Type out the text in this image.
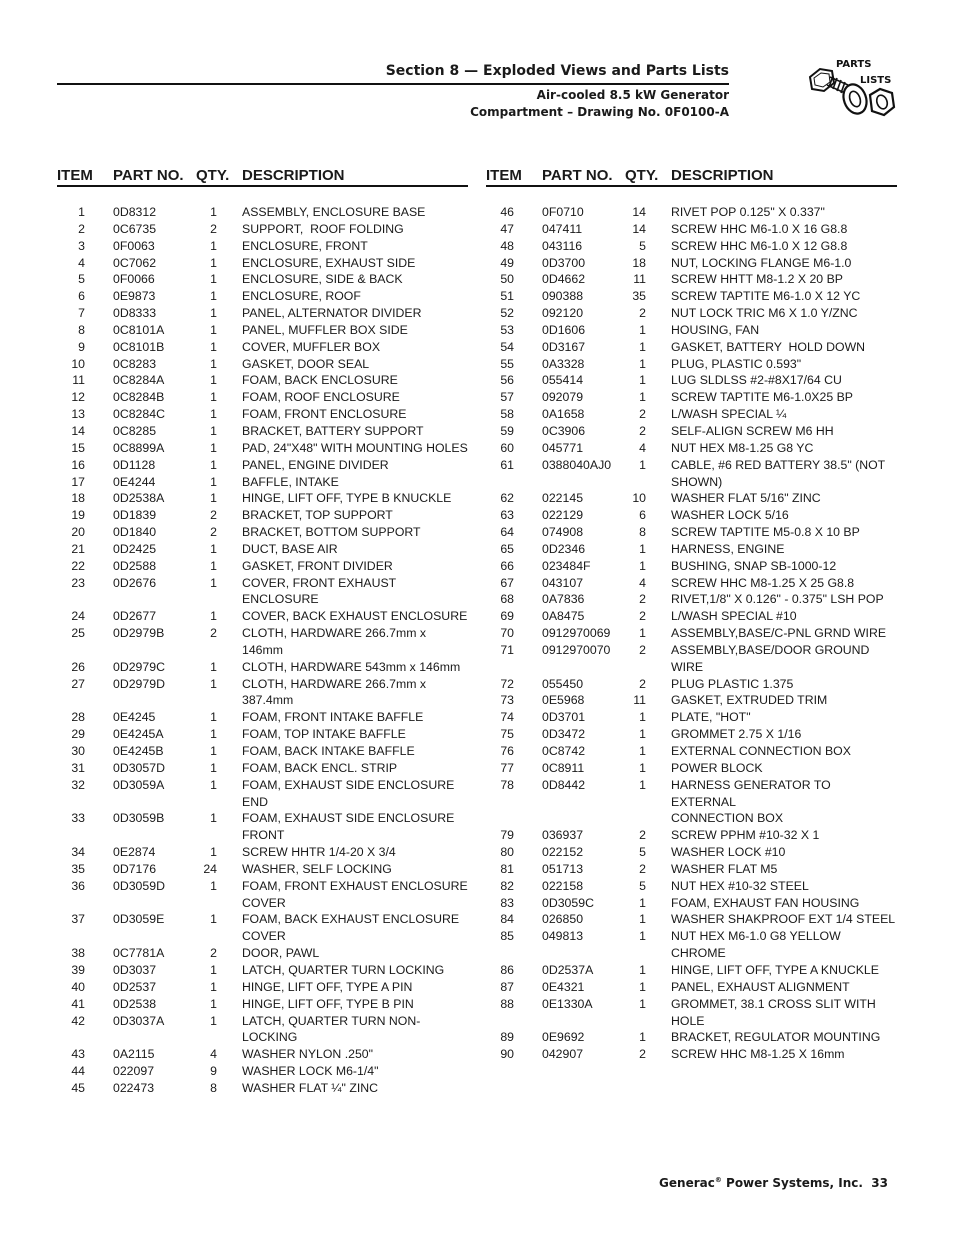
Section 8 — Exploded Views and Parts Lists
Air-cooled 8.5 kW Generator
Compartment – Drawing No. 0F0100-A
PARTS
LISTS
ITEM PART NO. QTY. DESCRIPTION
1 0D8312	1 ASSEMBLY, ENCLOSURE BASE
2 0C6735	2 SUPPORT,  ROOF FOLDING
3 0F0063	1 ENCLOSURE, FRONT
4 0C7062	1 ENCLOSURE, EXHAUST SIDE
5 0F0066	1 ENCLOSURE, SIDE & BACK
6 0E9873	1 ENCLOSURE, ROOF
7 0D8333	1 PANEL, ALTERNATOR DIVIDER
8 0C8101A	1 PANEL, MUFFLER BOX SIDE
9 0C8101B	1 COVER, MUFFLER BOX
10 0C8283	1 GASKET, DOOR SEAL
11 0C8284A	1 FOAM, BACK ENCLOSURE
12 0C8284B	1 FOAM, ROOF ENCLOSURE
13 0C8284C	1 FOAM, FRONT ENCLOSURE
14 0C8285	1 BRACKET, BATTERY SUPPORT
15 0C8899A	1 PAD, 24"X48" WITH MOUNTING HOLES
16 0D1128	1 PANEL, ENGINE DIVIDER
17 0E4244	1 BAFFLE, INTAKE
18 0D2538A	1 HINGE, LIFT OFF, TYPE B KNUCKLE
19 0D1839	2 BRACKET, TOP SUPPORT
20 0D1840	2 BRACKET, BOTTOM SUPPORT
21 0D2425	1 DUCT, BASE AIR
22 0D2588	1 GASKET, FRONT DIVIDER
23 0D2676	1 COVER, FRONT EXHAUST ENCLOSURE
24 0D2677	1 COVER, BACK EXHAUST ENCLOSURE
25 0D2979B	2 CLOTH, HARDWARE 266.7mm x 146mm
26 0D2979C	1 CLOTH, HARDWARE 543mm x 146mm
27 0D2979D	1 CLOTH, HARDWARE 266.7mm x 387.4mm
28 0E4245	1 FOAM, FRONT INTAKE BAFFLE
29 0E4245A	1 FOAM, TOP INTAKE BAFFLE
30 0E4245B	1 FOAM, BACK INTAKE BAFFLE
31 0D3057D	1 FOAM, BACK ENCL. STRIP
32 0D3059A	1 FOAM, EXHAUST SIDE ENCLOSURE
END
33 0D3059B	1 FOAM, EXHAUST SIDE ENCLOSURE
FRONT
34 0E2874	1 SCREW HHTR 1/4-20 X 3/4
35 0D7176	24 WASHER, SELF LOCKING
36 0D3059D	1 FOAM, FRONT EXHAUST ENCLOSURE
COVER
37 0D3059E	1 FOAM, BACK EXHAUST ENCLOSURE
COVER
38 0C7781A	2 DOOR, PAWL
39 0D3037	1 LATCH, QUARTER TURN LOCKING
40 0D2537	1 HINGE, LIFT OFF, TYPE A PIN
41 0D2538	1 HINGE, LIFT OFF, TYPE B PIN
42 0D3037A	1 LATCH, QUARTER TURN NON-LOCKING
43 0A2115	4 WASHER NYLON .250"
44 022097	9 WASHER LOCK M6-1/4"
45 022473	8 WASHER FLAT ¼" ZINC
ITEM PART NO. QTY. DESCRIPTION
46 0F0710	14 RIVET POP 0.125" X 0.337"
47 047411	14 SCREW HHC M6-1.0 X 16 G8.8
48 043116	5 SCREW HHC M6-1.0 X 12 G8.8
49 0D3700	18 NUT, LOCKING FLANGE M6-1.0
50 0D4662	11 SCREW HHTT M8-1.2 X 20 BP
51 090388	35 SCREW TAPTITE M6-1.0 X 12 YC
52 092120	2 NUT LOCK TRIC M6 X 1.0 Y/ZNC
53 0D1606	1 HOUSING, FAN
54 0D3167	1 GASKET, BATTERY  HOLD DOWN
55 0A3328	1 PLUG, PLASTIC 0.593"
56 055414	1 LUG SLDLSS #2-#8X17/64 CU
57 092079	1 SCREW TAPTITE M6-1.0X25 BP
58 0A1658	2 L/WASH SPECIAL ¼
59 0C3906	2 SELF-ALIGN SCREW M6 HH
60 045771	4 NUT HEX M8-1.25 G8 YC
61 0388040AJ0	1 CABLE, #6 RED BATTERY 38.5" (NOT
SHOWN)
62 022145	10 WASHER FLAT 5/16" ZINC
63 022129	6 WASHER LOCK 5/16
64 074908	8 SCREW TAPTITE M5-0.8 X 10 BP
65 0D2346	1 HARNESS, ENGINE
66 023484F	1 BUSHING, SNAP SB-1000-12
67 043107	4 SCREW HHC M8-1.25 X 25 G8.8
68 0A7836	2 RIVET,1/8" X 0.126" - 0.375" LSH POP
69 0A8475	2 L/WASH SPECIAL #10
70 0912970069	1 ASSEMBLY,BASE/C-PNL GRND WIRE
71 0912970070	2 ASSEMBLY,BASE/DOOR GROUND WIRE
72 055450	2 PLUG PLASTIC 1.375
73 0E5968	11 GASKET, EXTRUDED TRIM
74 0D3701	1 PLATE, "HOT"
75 0D3472	1 GROMMET 2.75 X 1/16
76 0C8742	1 EXTERNAL CONNECTION BOX
77 0C8911	1 POWER BLOCK
78 0D8442	1 HARNESS GENERATOR TO EXTERNAL
CONNECTION BOX
79 036937	2 SCREW PPHM #10-32 X 1
80 022152	5 WASHER LOCK #10
81 051713	2 WASHER FLAT M5
82 022158	5 NUT HEX #10-32 STEEL
83 0D3059C	1 FOAM, EXHAUST FAN HOUSING
84 026850	1 WASHER SHAKPROOF EXT 1/4 STEEL
85 049813	1 NUT HEX M6-1.0 G8 YELLOW CHROME
86 0D2537A	1 HINGE, LIFT OFF, TYPE A KNUCKLE
87 0E4321	1 PANEL, EXHAUST ALIGNMENT
88 0E1330A	1 GROMMET, 38.1 CROSS SLIT WITH
HOLE
89 0E9692	1 BRACKET, REGULATOR MOUNTING
90 042907	2 SCREW HHC M8-1.25 X 16mm
Generac® Power Systems, Inc. 33
